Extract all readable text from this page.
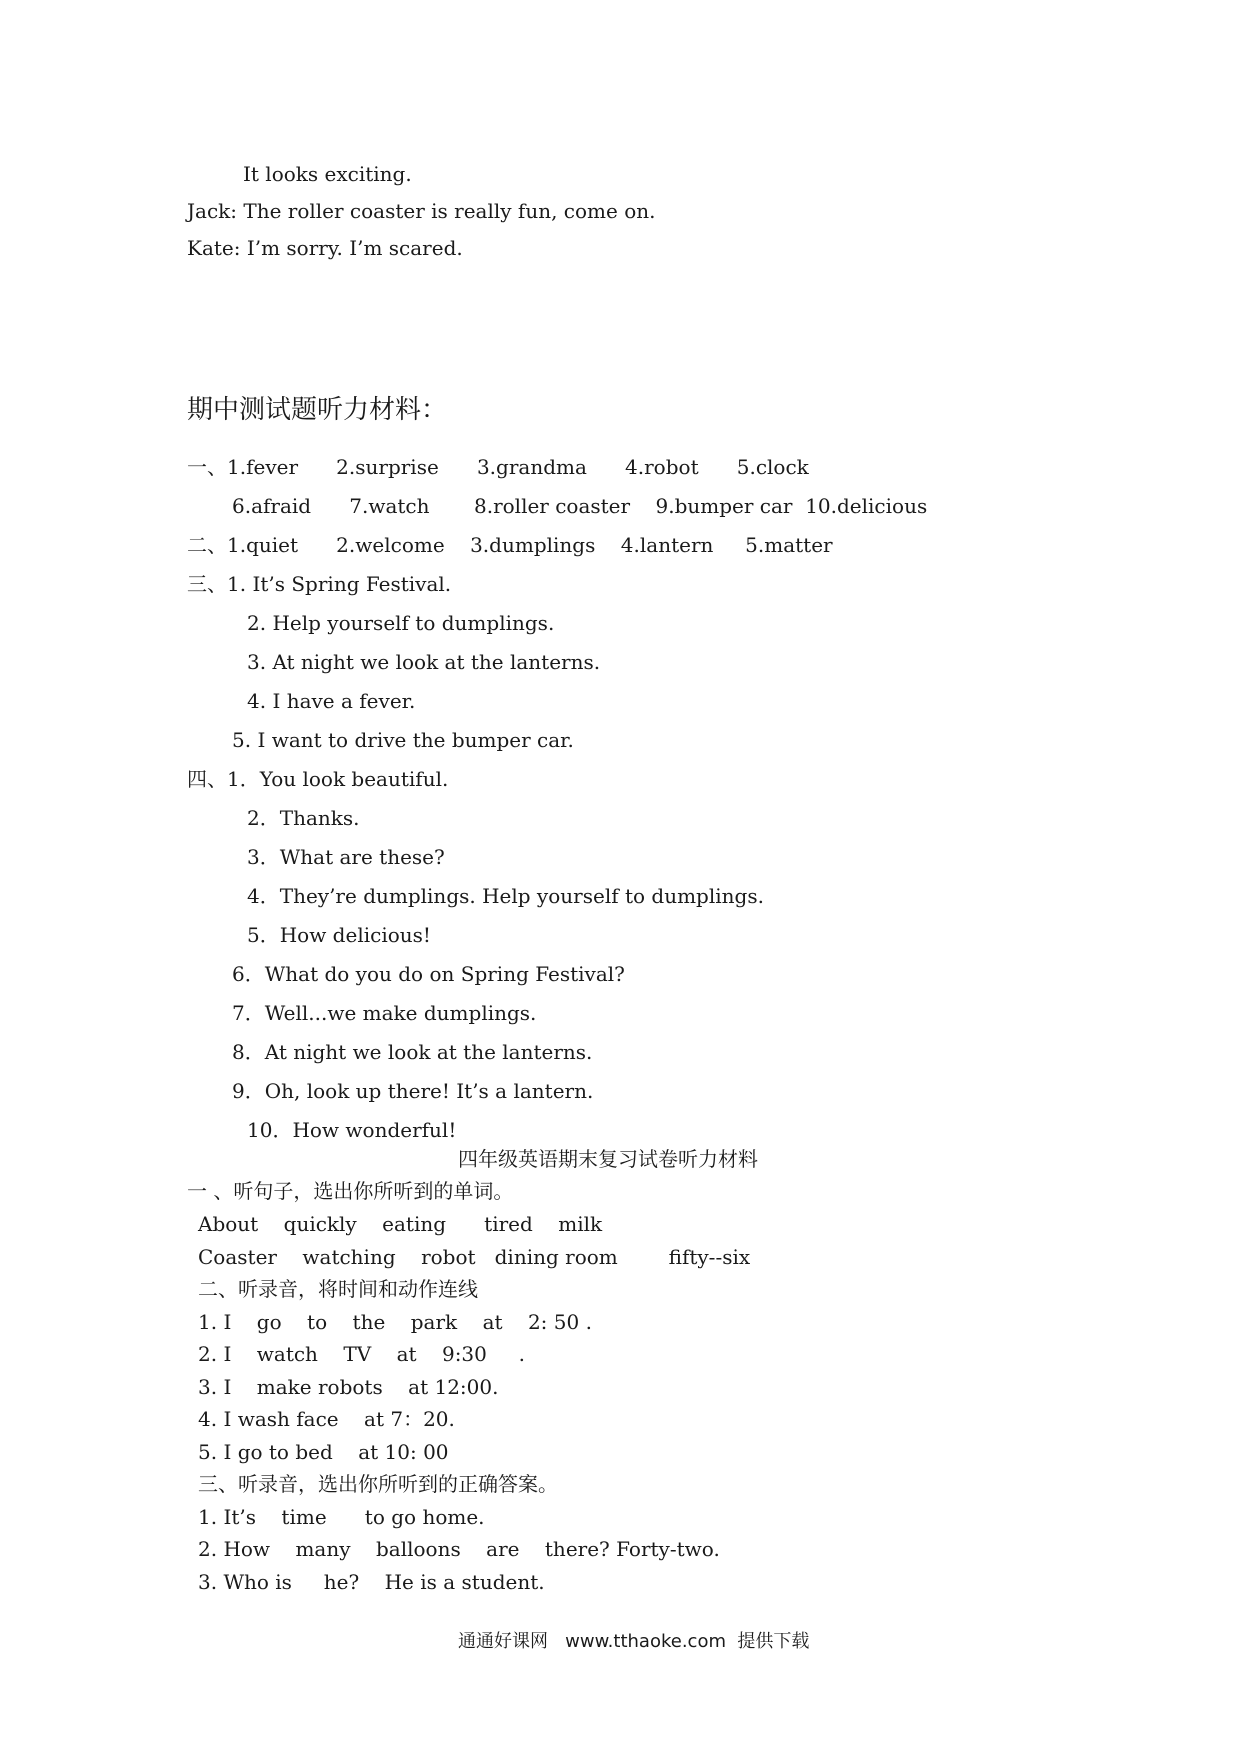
It looks exciting.
Jack: The roller coaster is really fun, come on.
Kate: I’m sorry. I’m scared.
期中测试题听力材料：
一、1.fever      2.surprise      3.grandma      4.robot      5.clock
6.afraid      7.watch       8.roller coaster    9.bumper car  10.delicious
二、1.quiet      2.welcome    3.dumplings    4.lantern     5.matter
三、1. It’s Spring Festival.
2. Help yourself to dumplings.
3. At night we look at the lanterns.
4. I have a fever.
5. I want to drive the bumper car.
四、1．You look beautiful.
2．Thanks.
3．What are these?
4．They’re dumplings. Help yourself to dumplings.
5．How delicious!
6．What do you do on Spring Festival?
7．Well...we make dumplings.
8．At night we look at the lanterns.
9．Oh, look up there! It’s a lantern.
10．How wonderful!
四年级英语期末复习试卷听力材料
一 、听句子，选出你所听到的单词。
About    quickly    eating      tired    milk
Coaster    watching    robot   dining room        fifty--six
二、听录音，将时间和动作连线
1. I    go    to    the    park    at    2: 50 .
2. I    watch    TV    at    9:30     .
3. I    make robots    at 12:00.
4. I wash face    at 7：20.
5. I go to bed    at 10: 00
三、听录音，选出你所听到的正确答案。
1. It’s    time      to go home.
2. How    many    balloons    are    there? Forty-two.
3. Who is     he?    He is a student.
通通好课网   www.tthaoke.com  提供下载
